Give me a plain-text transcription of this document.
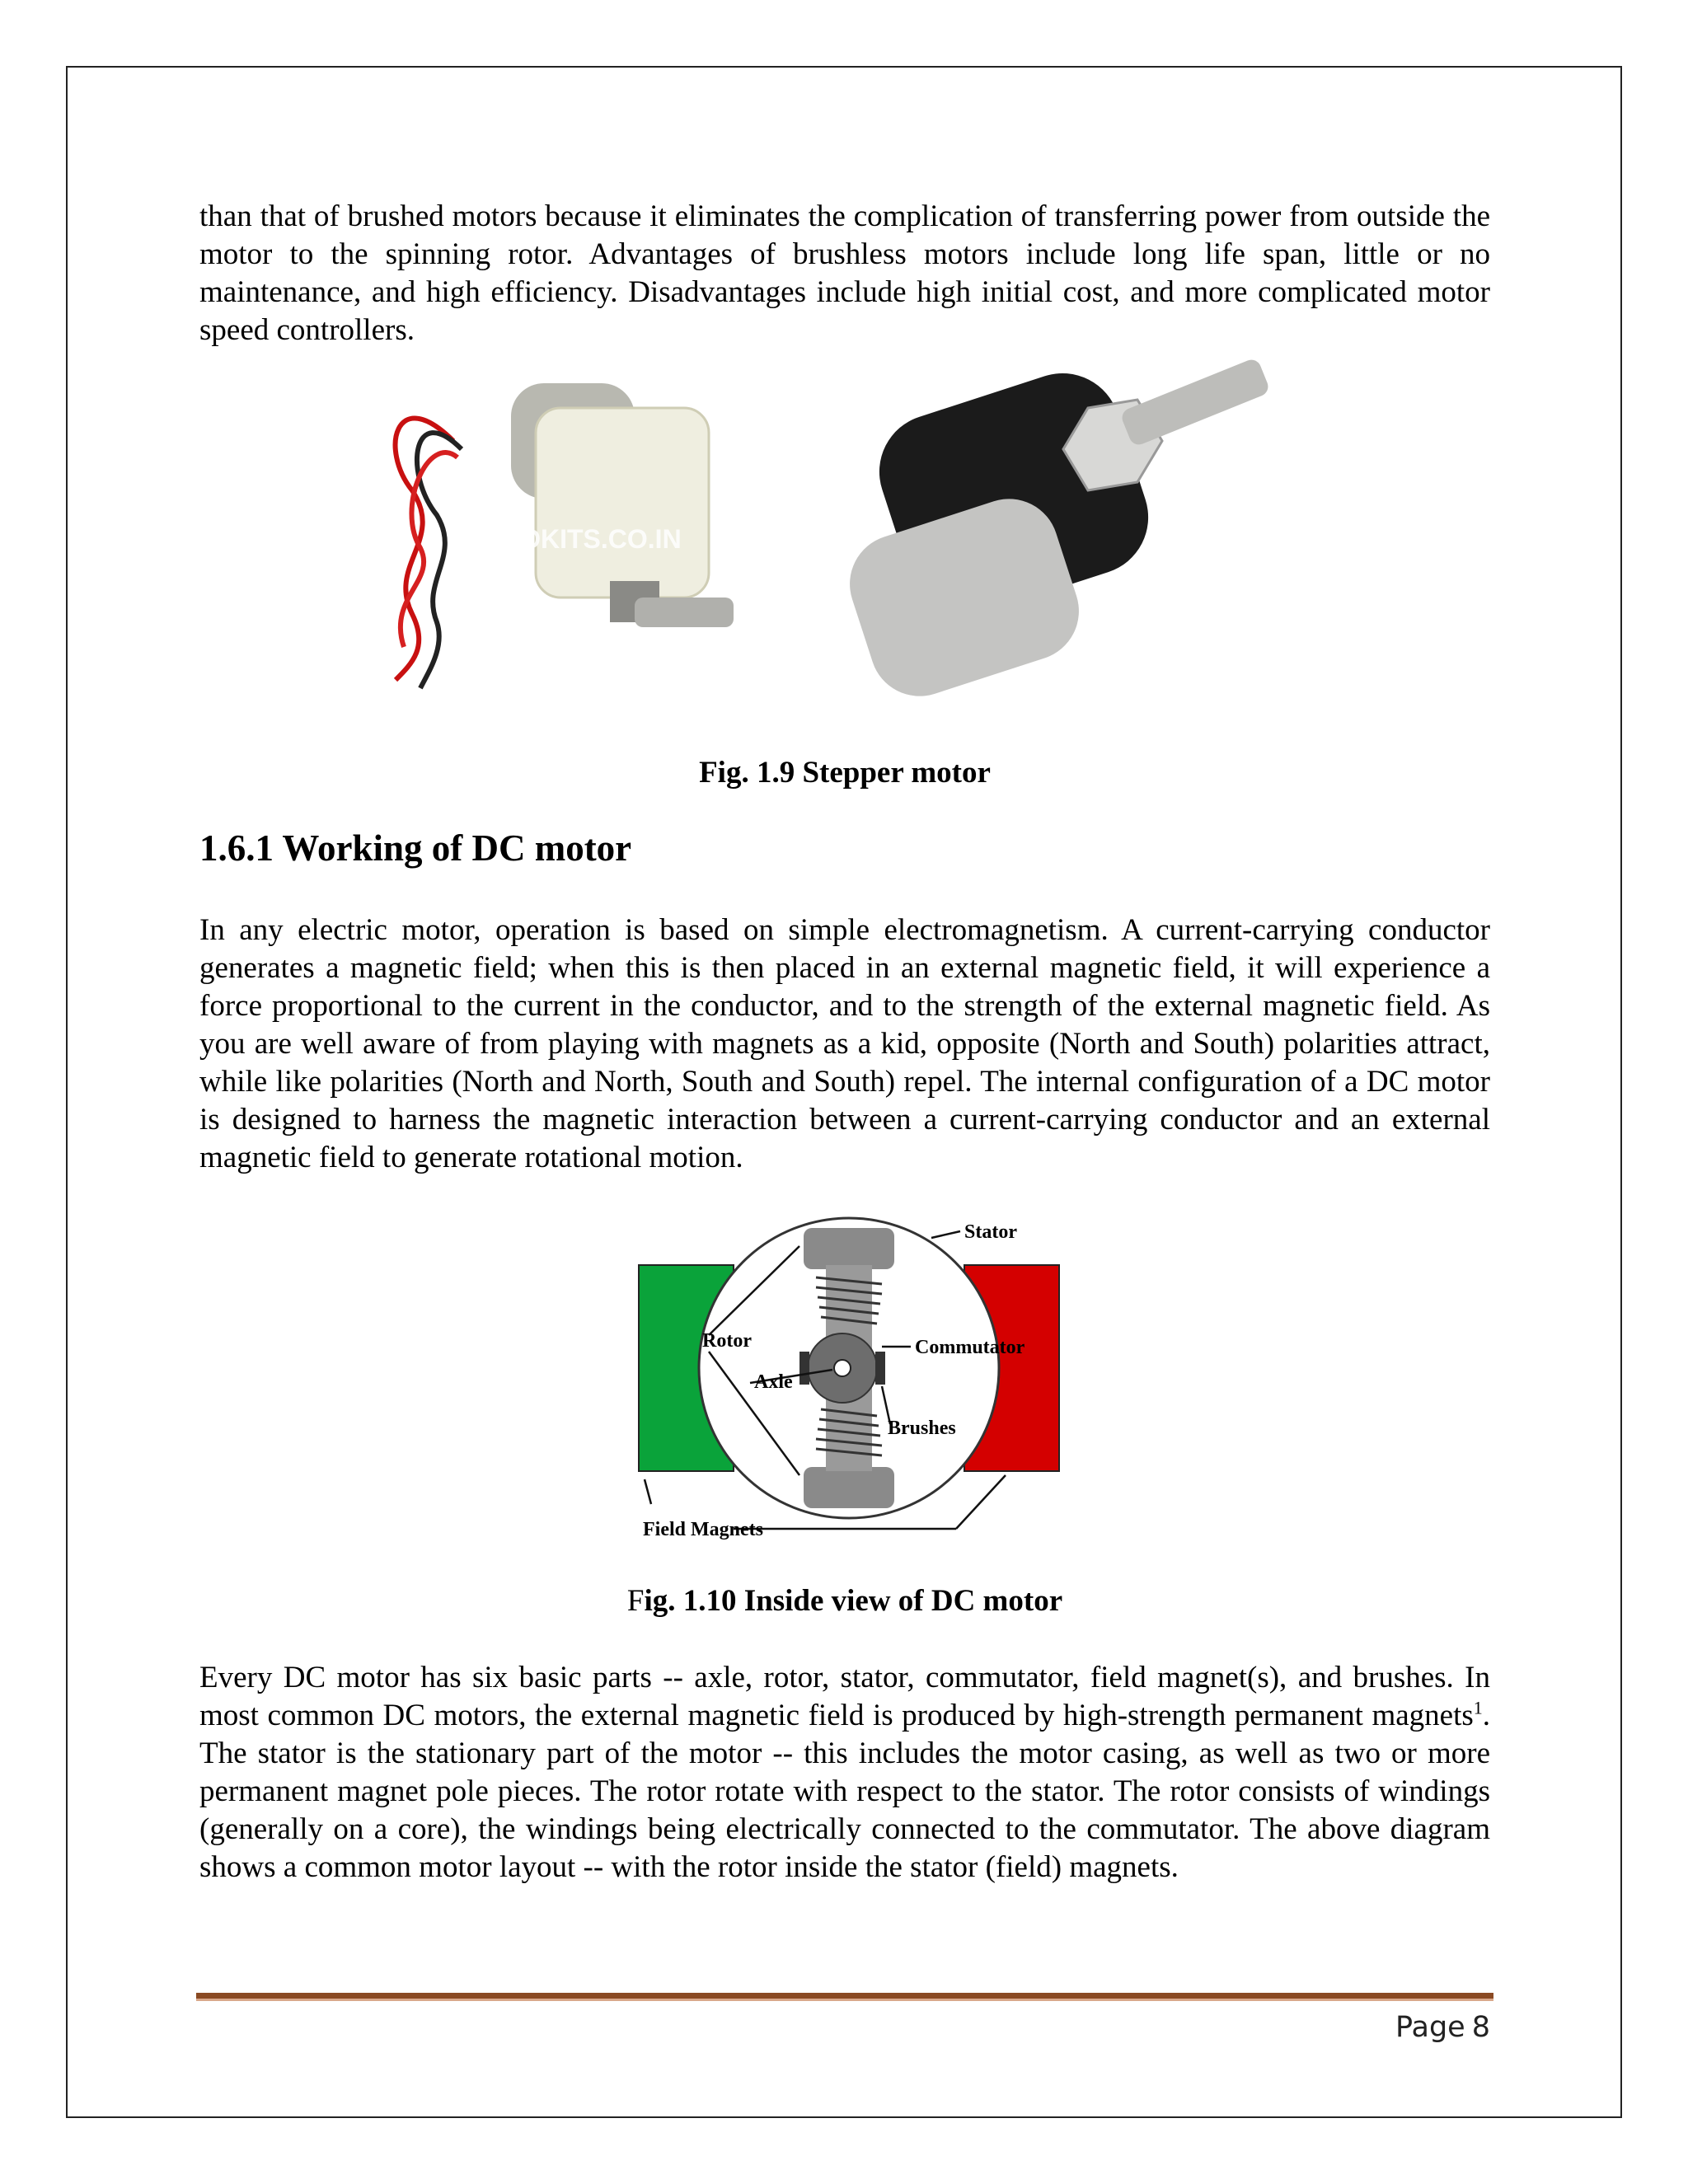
than that of brushed motors because it eliminates the complication of transferring power from outside the motor to the spinning rotor. Advantages of brushless motors include long life span, little or no maintenance, and high efficiency. Disadvantages include high initial cost, and more complicated motor speed controllers.

ROBOKITS.CO.IN
Fig. 1.9 Stepper motor
1.6.1 Working of DC motor

In any electric motor, operation is based on simple electromagnetism. A current-carrying conductor generates a magnetic field; when this is then placed in an external magnetic field, it will experience a force proportional to the current in the conductor, and to the strength of the external magnetic field. As you are well aware of from playing with magnets as a kid, opposite (North and South) polarities attract, while like polarities (North and North, South and South) repel. The internal configuration of a DC motor is designed to harness the magnetic interaction between a current-carrying conductor and an external magnetic field to generate rotational motion.

Stator
Rotor	Commutator
Axle
Brushes
Field Magnets
Fig. 1.10 Inside view of DC motor

Every DC motor has six basic parts -- axle, rotor, stator, commutator, field magnet(s), and brushes. In most common DC motors, the external magnetic field is produced by high-strength permanent magnets$^1$. The stator is the stationary part of the motor -- this includes the motor casing, as well as two or more permanent magnet pole pieces. The rotor rotate with respect to the stator. The rotor consists of windings (generally on a core), the windings being electrically connected to the commutator. The above diagram shows a common motor layout -- with the rotor inside the stator (field) magnets.

Page 8
